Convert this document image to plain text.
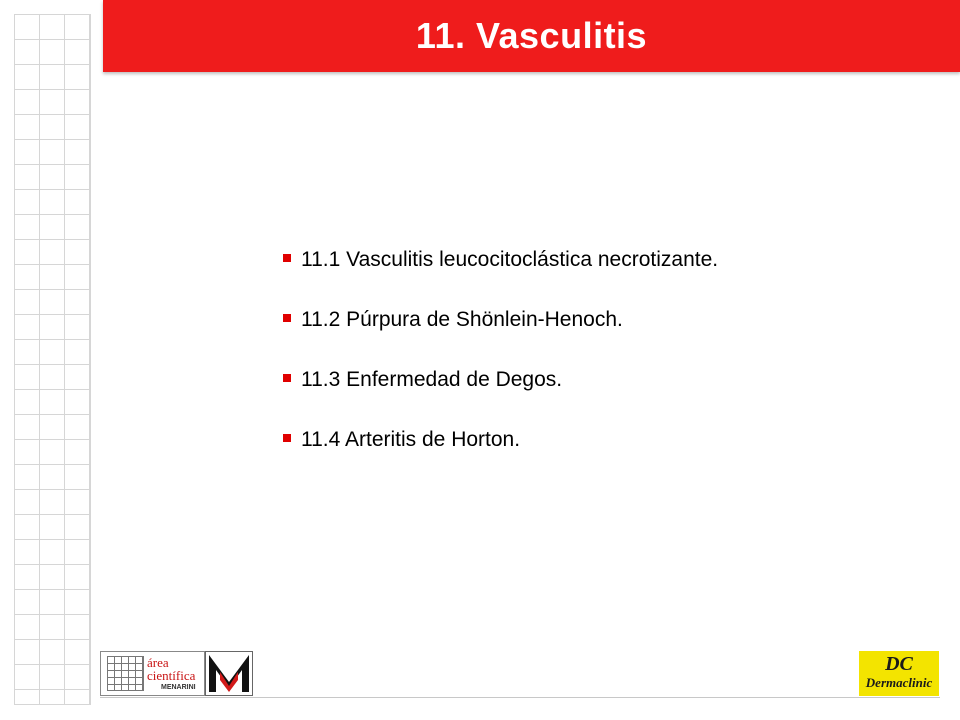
11. Vasculitis
11.1 Vasculitis leucocitoclástica necrotizante.
11.2 Púrpura de Shönlein-Henoch.
11.3 Enfermedad de Degos.
11.4 Arteritis de Horton.
área
científica
MENARINI
DC
Dermaclinic
